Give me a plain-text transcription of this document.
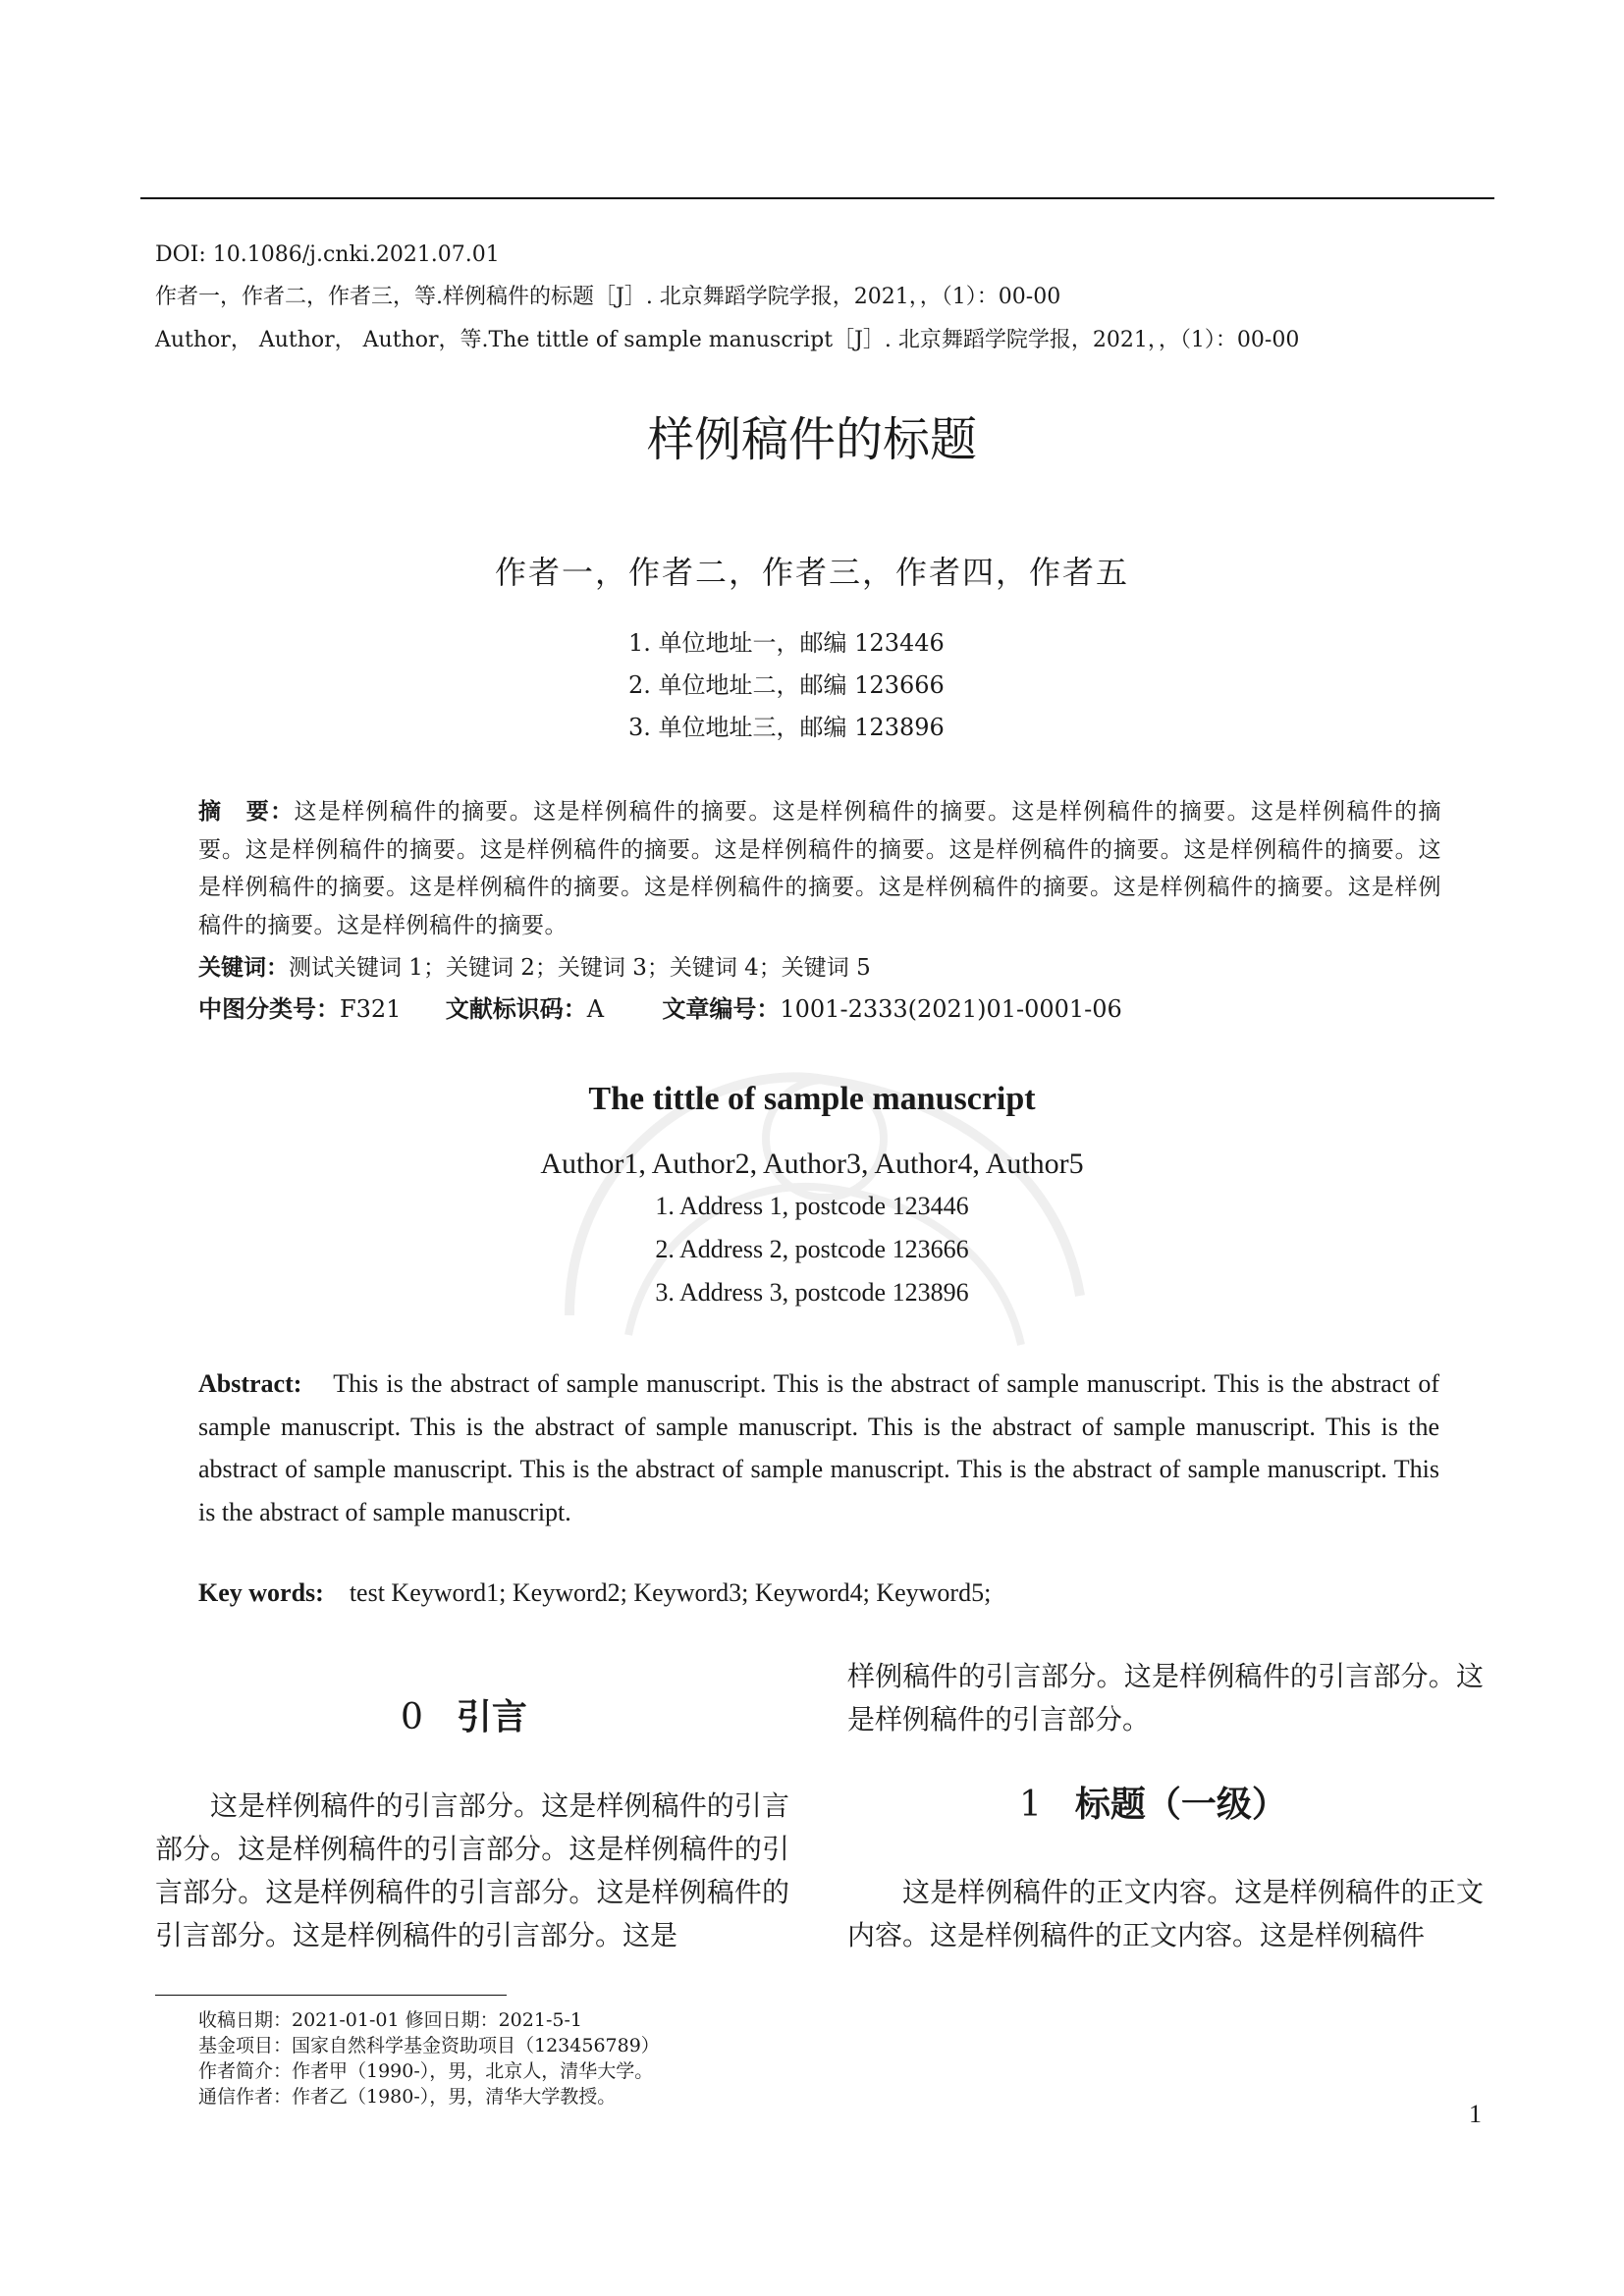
DOI: 10.1086/j.cnki.2021.07.01
作者一，作者二，作者三，等.样例稿件的标题［J］. 北京舞蹈学院学报，2021，，（1）：00-00
Author， Author， Author，等.The tittle of sample manuscript［J］. 北京舞蹈学院学报，2021，，（1）：00-00
样例稿件的标题
作者一，作者二，作者三，作者四，作者五
1. 单位地址一，邮编 123446
2. 单位地址二，邮编 123666
3. 单位地址三，邮编 123896
摘　要：这是样例稿件的摘要。这是样例稿件的摘要。这是样例稿件的摘要。这是样例稿件的摘要。这是样例稿件的摘要。这是样例稿件的摘要。这是样例稿件的摘要。这是样例稿件的摘要。这是样例稿件的摘要。这是样例稿件的摘要。这是样例稿件的摘要。这是样例稿件的摘要。这是样例稿件的摘要。这是样例稿件的摘要。这是样例稿件的摘要。这是样例稿件的摘要。这是样例稿件的摘要。
关键词：测试关键词 1；关键词 2；关键词 3；关键词 4；关键词 5
中图分类号：F321 文献标识码：A 文章编号：1001-2333(2021)01-0001-06
The tittle of sample manuscript
Author1, Author2, Author3, Author4, Author5
1. Address 1, postcode 123446
2. Address 2, postcode 123666
3. Address 3, postcode 123896
Abstract: This is the abstract of sample manuscript. This is the abstract of sample manuscript. This is the abstract of sample manuscript. This is the abstract of sample manuscript. This is the abstract of sample manuscript. This is the abstract of sample manuscript. This is the abstract of sample manuscript. This is the abstract of sample manuscript. This is the abstract of sample manuscript.
Key words: test Keyword1; Keyword2; Keyword3; Keyword4; Keyword5;
0 引言
这是样例稿件的引言部分。这是样例稿件的引言部分。这是样例稿件的引言部分。这是样例稿件的引言部分。这是样例稿件的引言部分。这是样例稿件的引言部分。这是样例稿件的引言部分。这是
样例稿件的引言部分。这是样例稿件的引言部分。这是样例稿件的引言部分。
1 标题（一级）
这是样例稿件的正文内容。这是样例稿件的正文内容。这是样例稿件的正文内容。这是样例稿件
收稿日期：2021-01-01 修回日期：2021-5-1
基金项目：国家自然科学基金资助项目（123456789）
作者简介：作者甲（1990-），男，北京人，清华大学。
通信作者：作者乙（1980-），男，清华大学教授。
1
